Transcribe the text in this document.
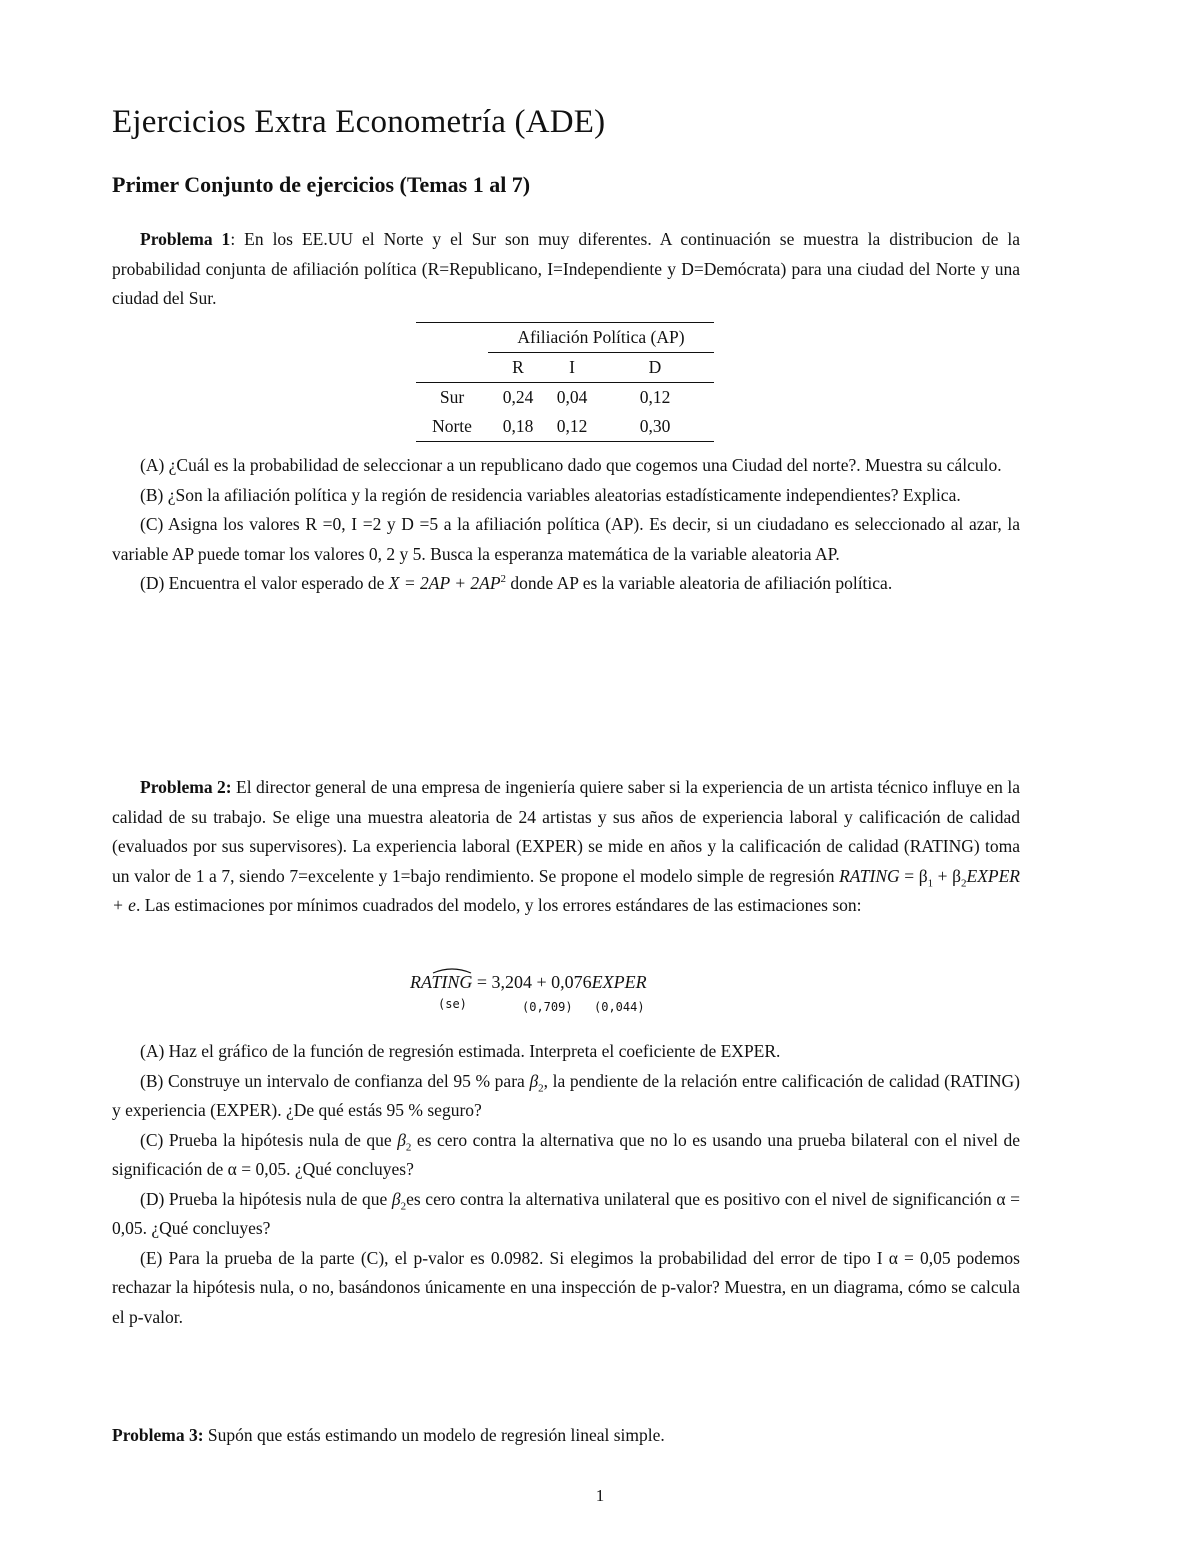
Ejercicios Extra Econometría (ADE)
Primer Conjunto de ejercicios (Temas 1 al 7)

Problema 1: En los EE.UU el Norte y el Sur son muy diferentes. A continuación se muestra la distribucion de la probabilidad conjunta de afiliación política (R=Republicano, I=Independiente y D=Demócrata) para una ciudad del Norte y una ciudad del Sur.

	Afiliación Política (AP)		
	R	I	D
Sur	0,24	0,04	0,12
Norte	0,18	0,12	0,30

(A) ¿Cuál es la probabilidad de seleccionar a un republicano dado que cogemos una Ciudad del norte?. Muestra su cálculo.

(B) ¿Son la afiliación política y la región de residencia variables aleatorias estadísticamente independientes? Explica.

(C) Asigna los valores R =0, I =2 y D =5 a la afiliación política (AP). Es decir, si un ciudadano es seleccionado al azar, la variable AP puede tomar los valores 0, 2 y 5. Busca la esperanza matemática de la variable aleatoria AP.

(D) Encuentra el valor esperado de $X = 2AP + 2AP^2$ donde AP es la variable aleatoria de afiliación política.

Problema 2: El director general de una empresa de ingeniería quiere saber si la experiencia de un artista técnico influye en la calidad de su trabajo. Se elige una muestra aleatoria de 24 artistas y sus años de experiencia laboral y calificación de calidad (evaluados por sus supervisores). La experiencia laboral (EXPER) se mide en años y la calificación de calidad (RATING) toma un valor de 1 a 7, siendo 7=excelente y 1=bajo rendimiento. Se propone el modelo simple de regresión RATING = $\beta_1$ + $\beta_2EXPER + e$. Las estimaciones por mínimos cuadrados del modelo, y los errores estándares de las estimaciones son:

RATING = 3,204 + 0,076EXPER
(se)	(0,709) (0,044)

(A) Haz el gráfico de la función de regresión estimada. Interpreta el coeficiente de EXPER.

(B) Construye un intervalo de confianza del 95 % para $\beta_2$, la pendiente de la relación entre calificación de calidad (RATING) y experiencia (EXPER). ¿De qué estás 95 % seguro?

(C) Prueba la hipótesis nula de que $\beta_2$ es cero contra la alternativa que no lo es usando una prueba bilateral con el nivel de significación de α = 0,05. ¿Qué concluyes?

(D) Prueba la hipótesis nula de que $\beta_2es$ cero contra la alternativa unilateral que es positivo con el nivel de significanción α = 0,05. ¿Qué concluyes?

(E) Para la prueba de la parte (C), el p-valor es 0.0982. Si elegimos la probabilidad del error de tipo I α = 0,05 podemos rechazar la hipótesis nula, o no, basándonos únicamente en una inspección de p-valor? Muestra, en un diagrama, cómo se calcula el p-valor.

Problema 3: Supón que estás estimando un modelo de regresión lineal simple.

1
